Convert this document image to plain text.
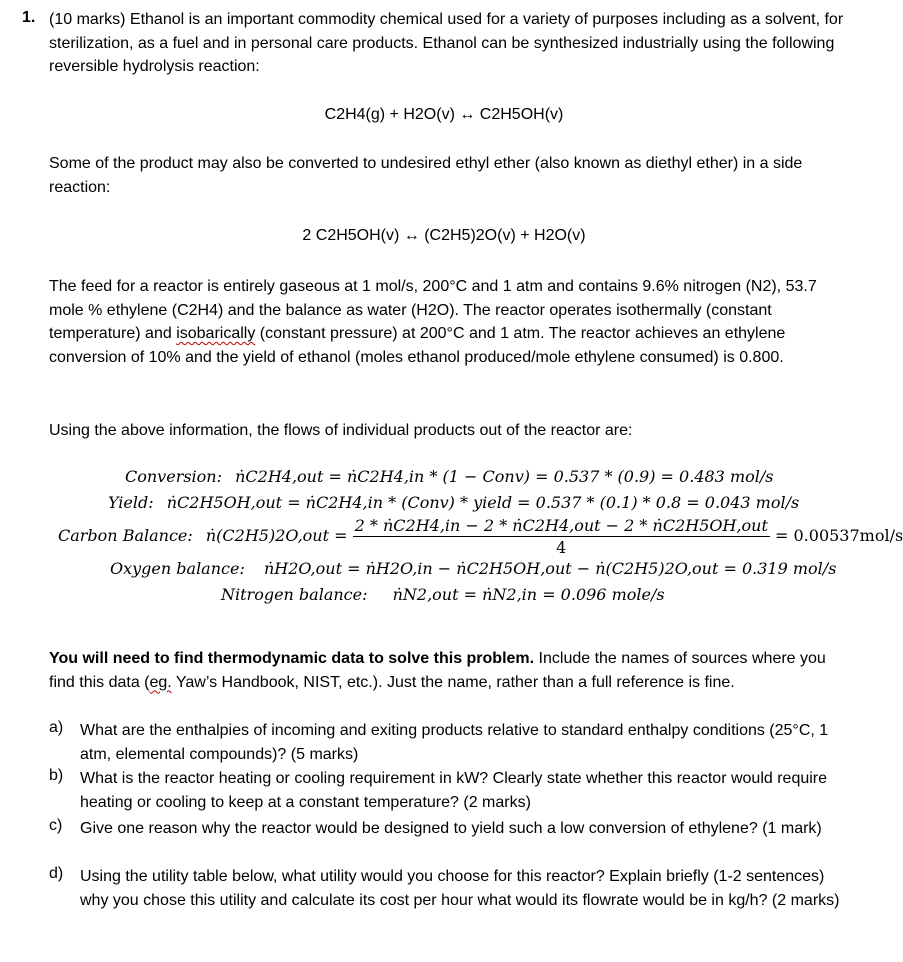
1. (10 marks) Ethanol is an important commodity chemical used for a variety of purposes including as a solvent, for sterilization, as a fuel and in personal care products. Ethanol can be synthesized industrially using the following reversible hydrolysis reaction:

C2H4(g) + H2O(v) ↔ C2H5OH(v)

Some of the product may also be converted to undesired ethyl ether (also known as diethyl ether) in a side reaction:

2 C2H5OH(v) ↔ (C2H5)2O(v) + H2O(v)

The feed for a reactor is entirely gaseous at 1 mol/s, 200°C and 1 atm and contains 9.6% nitrogen (N2), 53.7 mole % ethylene (C2H4) and the balance as water (H2O). The reactor operates isothermally (constant temperature) and isobarically (constant pressure) at 200°C and 1 atm. The reactor achieves an ethylene conversion of 10% and the yield of ethanol (moles ethanol produced/mole ethylene consumed) is 0.800.

Using the above information, the flows of individual products out of the reactor are:

Conversion: ṅC2H4,out = ṅC2H4,in * (1 − Conv) = 0.537 * (0.9) = 0.483 mol/s
Yield: ṅC2H5OH,out = ṅC2H4,in * (Conv) * yield = 0.537 * (0.1) * 0.8 = 0.043 mol/s
Carbon Balance: ṅ(C2H5)2O,out = $\frac{\text{2 * ṅC2H4,in − 2 * ṅC2H4,out − 2 * ṅC2H5OH,out}}{4} = 0.00537mol/s$
Oxygen balance: ṅH2O,out = ṅH2O,in − ṅC2H5OH,out − ṅ(C2H5)2O,out = 0.319 mol/s
Nitrogen balance: ṅN2,out = ṅN2,in = 0.096 mole/s

You will need to find thermodynamic data to solve this problem. Include the names of sources where you find this data (eg. Yaw’s Handbook, NIST, etc.). Just the name, rather than a full reference is fine.

a) What are the enthalpies of incoming and exiting products relative to standard enthalpy conditions (25°C, 1 atm, elemental compounds)? (5 marks)
b) What is the reactor heating or cooling requirement in kW? Clearly state whether this reactor would require heating or cooling to keep at a constant temperature? (2 marks)
c) Give one reason why the reactor would be designed to yield such a low conversion of ethylene? (1 mark)
d) Using the utility table below, what utility would you choose for this reactor? Explain briefly (1-2 sentences) why you chose this utility and calculate its cost per hour what would its flowrate would be in kg/h? (2 marks)
